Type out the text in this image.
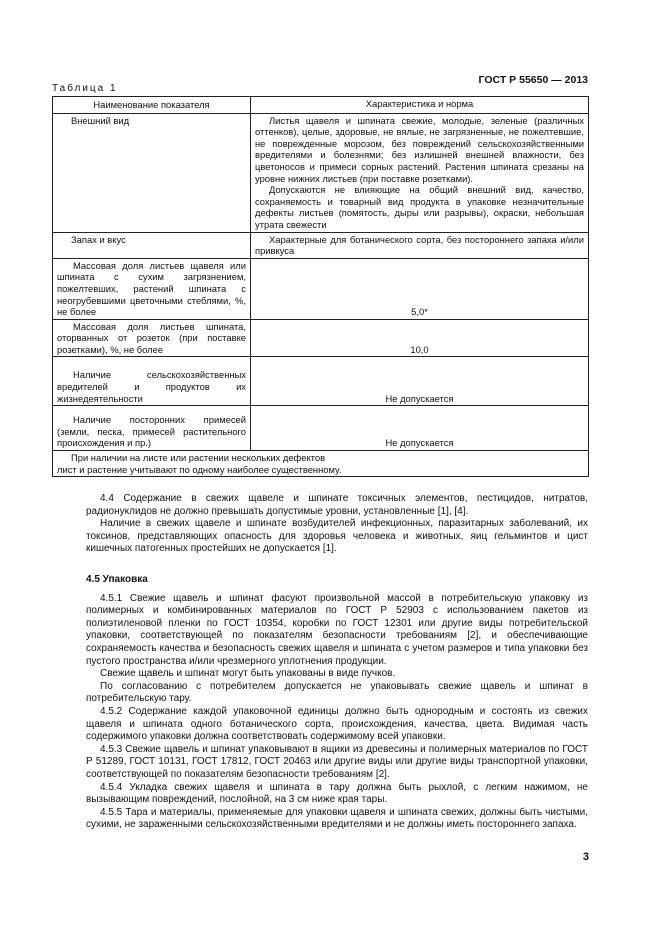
Таблица 1
ГОСТ Р 55650 — 2013
Наименование показателя	Характеристика и норма
Внешний вид	Листья щавеля и шпината свежие, молодые, зеленые (различных оттенков), целые, здоровые, не вялые, не загрязненные, не пожелтевшие, не поврежденные морозом, без повреждений сельскохозяйственными вредителями и болезнями; без излишней внешней влажности, без цветоносов и примеси сорных растений. Растения шпината срезаны на уровне нижних листьев (при поставке розетками).

Допускаются не влияющие на общий внешний вид, качество, сохраняемость и товарный вид продукта в упаковке незначительные дефекты листьев (помятость, дыры или разрывы), окраски, небольшая утрата свежести

Запах и вкус	Характерные для ботанического сорта, без постороннего запаха и/или привкуса

Массовая доля листьев щавеля или шпината с сухим загрязнением, пожелтевших, растений шпината с неогрубевшими цветочными стеблями, %, не более	5,0*
Массовая доля листьев шпината, оторванных от розеток (при поставке розетками), %, не более	10,0
Наличие сельскохозяйственных вредителей и продуктов их жизнедеятельности	Не допускается
Наличие посторонних примесей (земли, песка, примесей растительного происхождения и пр.)	Не допускается
При наличии на листе или растении нескольких дефектов лист и растение учитывают по одному наиболее существенному.	

4.4 Содержание в свежих щавеле и шпинате токсичных элементов, пестицидов, нитратов, радионуклидов не должно превышать допустимые уровни, установленные [1], [4].

Наличие в свежих щавеле и шпинате возбудителей инфекционных, паразитарных заболеваний, их токсинов, представляющих опасность для здоровья человека и животных, яиц гельминтов и цист кишечных патогенных простейших не допускается [1].

4.5 Упаковка

4.5.1 Свежие щавель и шпинат фасуют произвольной массой в потребительскую упаковку из полимерных и комбинированных материалов по ГОСТ Р 52903 с использованием пакетов из полиэтиленовой пленки по ГОСТ 10354, коробки по ГОСТ 12301 или другие виды потребительской упаковки, соответствующей по показателям безопасности требованиям [2], и обеспечивающие сохраняемость качества и безопасность свежих щавеля и шпината с учетом размеров и типа упаковки без пустого пространства и/или чрезмерного уплотнения продукции.

Свежие щавель и шпинат могут быть упакованы в виде пучков.

По согласованию с потребителем допускается не упаковывать свежие щавель и шпинат в потребительскую тару.

4.5.2 Содержание каждой упаковочной единицы должно быть однородным и состоять из свежих щавеля и шпината одного ботанического сорта, происхождения, качества, цвета. Видимая часть содержимого упаковки должна соответствовать содержимому всей упаковки.

4.5.3 Свежие щавель и шпинат упаковывают в ящики из древесины и полимерных материалов по ГОСТ Р 51289, ГОСТ 10131, ГОСТ 17812, ГОСТ 20463 или другие виды или другие виды транспортной упаковки, соответствующей по показателям безопасности требованиям [2].

4.5.4 Укладка свежих щавеля и шпината в тару должна быть рыхлой, с легким нажимом, не вызывающим повреждений, послойной, на 3 см ниже края тары.

4.5.5 Тара и материалы, применяемые для упаковки щавеля и шпината свежих, должны быть чистыми, сухими, не зараженными сельскохозяйственными вредителями и не должны иметь постороннего запаха.

3
